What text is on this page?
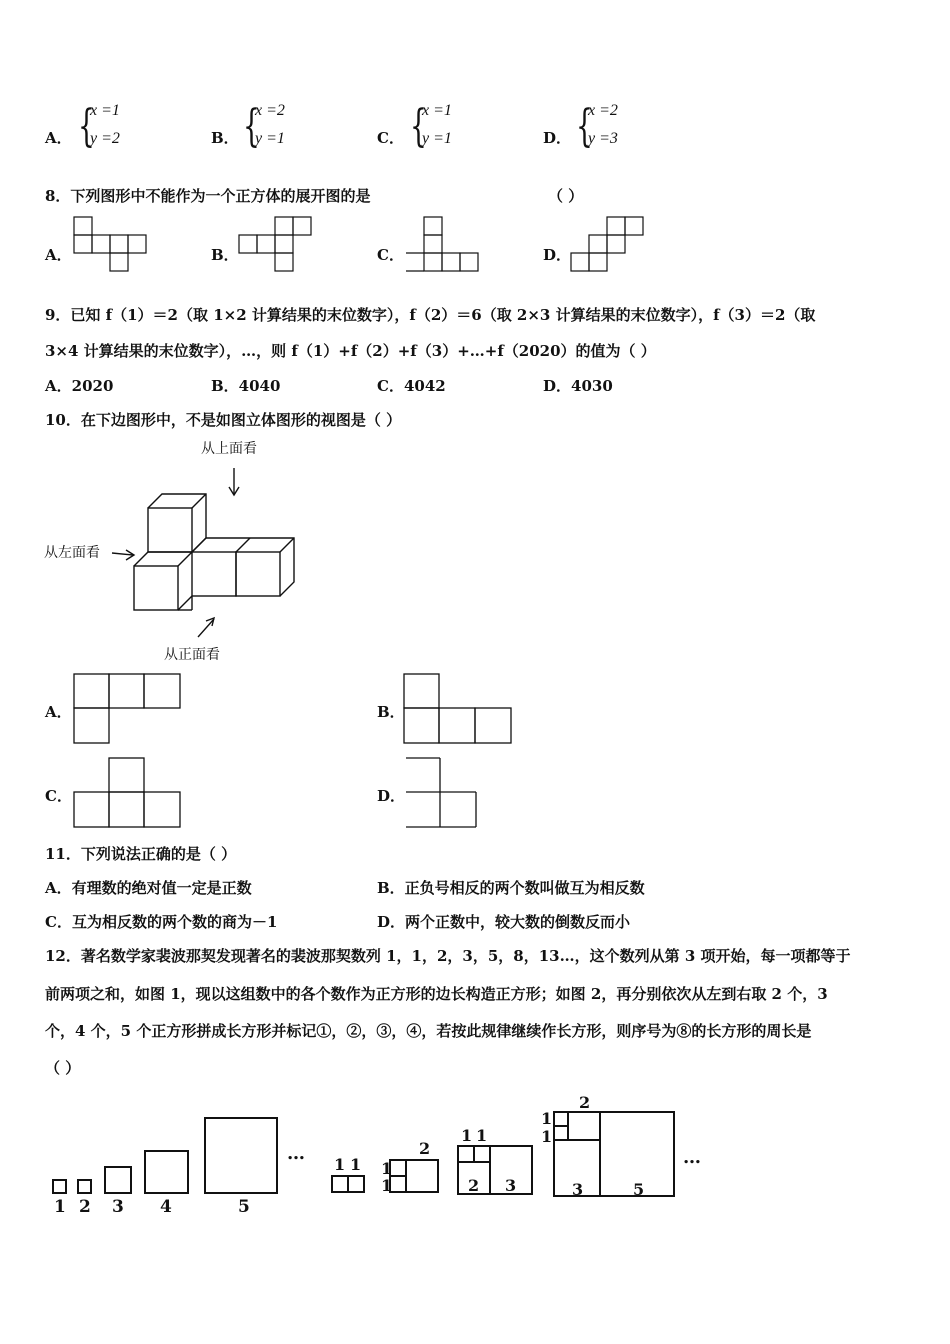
A． {
x =1
y =2	B． {
x =2
y =1	C． {
x =1
y =1	D． {
x =2
y =3
8．下列图形中不能作为一个正方体的展开图的是	（ ）
A．	B．	C．	D．
9．已知 f（1）＝2（取 1×2 计算结果的末位数字），f（2）＝6（取 2×3 计算结果的末位数字），f（3）＝2（取
3×4 计算结果的末位数字），…，则 f（1）+f（2）+f（3）+…+f（2020）的值为（ ）
A．2020	B．4040	C．4042	D．4030
10．在下边图形中，不是如图立体图形的视图是（ ）
从上面看
从左面看
从正面看
A．	B．
C．	D．
11．下列说法正确的是（ ）
A．有理数的绝对值一定是正数	B．正负号相反的两个数叫做互为相反数
C．互为相反数的两个数的商为－1	D．两个正数中，较大数的倒数反而小
12．著名数学家裴波那契发现著名的裴波那契数列 1，1，2，3，5，8，13…，这个数列从第 3 项开始，每一项都等于
前两项之和，如图 1，现以这组数中的各个数作为正方形的边长构造正方形；如图 2，再分别依次从左到右取 2 个，3
个，4 个，5 个正方形拼成长方形并标记①，②，③，④，若按此规律继续作长方形，则序号为⑧的长方形的周长是
（ ）
1 2 3 4	5
…
1 1 1
1
2
1 1
2 3
1
1
2
3	5
…
